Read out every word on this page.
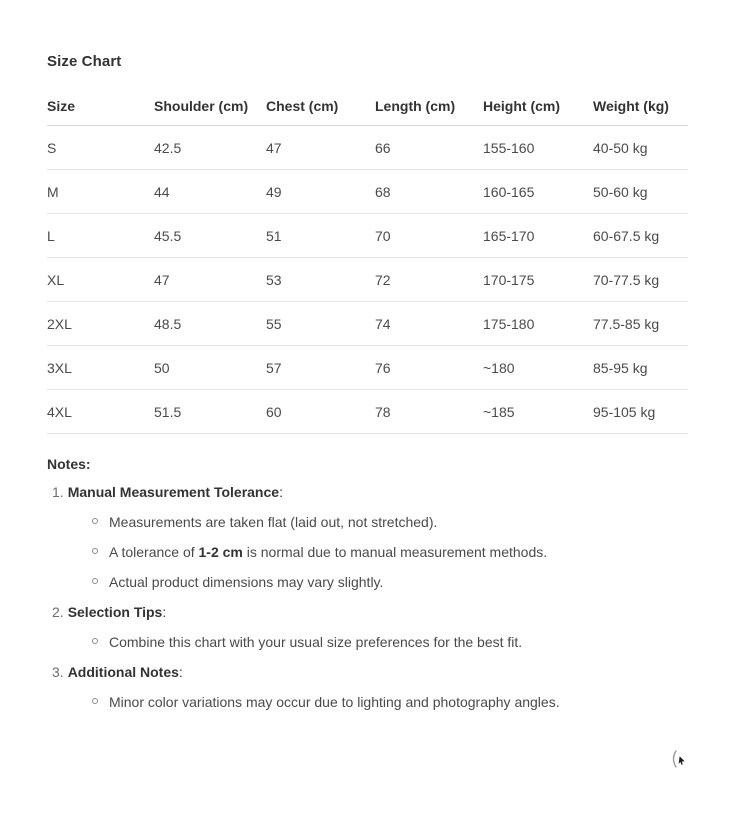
Size Chart
Size	Shoulder (cm)	Chest (cm)	Length (cm)	Height (cm)	Weight (kg)
S	42.5	47	66	155-160	40-50 kg
M	44	49	68	160-165	50-60 kg
L	45.5	51	70	165-170	60-67.5 kg
XL	47	53	72	170-175	70-77.5 kg
2XL	48.5	55	74	175-180	77.5-85 kg
3XL	50	57	76	~180	85-95 kg
4XL	51.5	60	78	~185	95-105 kg
Notes:
1. Manual Measurement Tolerance:
Measurements are taken flat (laid out, not stretched).
A tolerance of 1-2 cm is normal due to manual measurement methods.
Actual product dimensions may vary slightly.
2. Selection Tips:
Combine this chart with your usual size preferences for the best fit.
3. Additional Notes:
Minor color variations may occur due to lighting and photography angles.
